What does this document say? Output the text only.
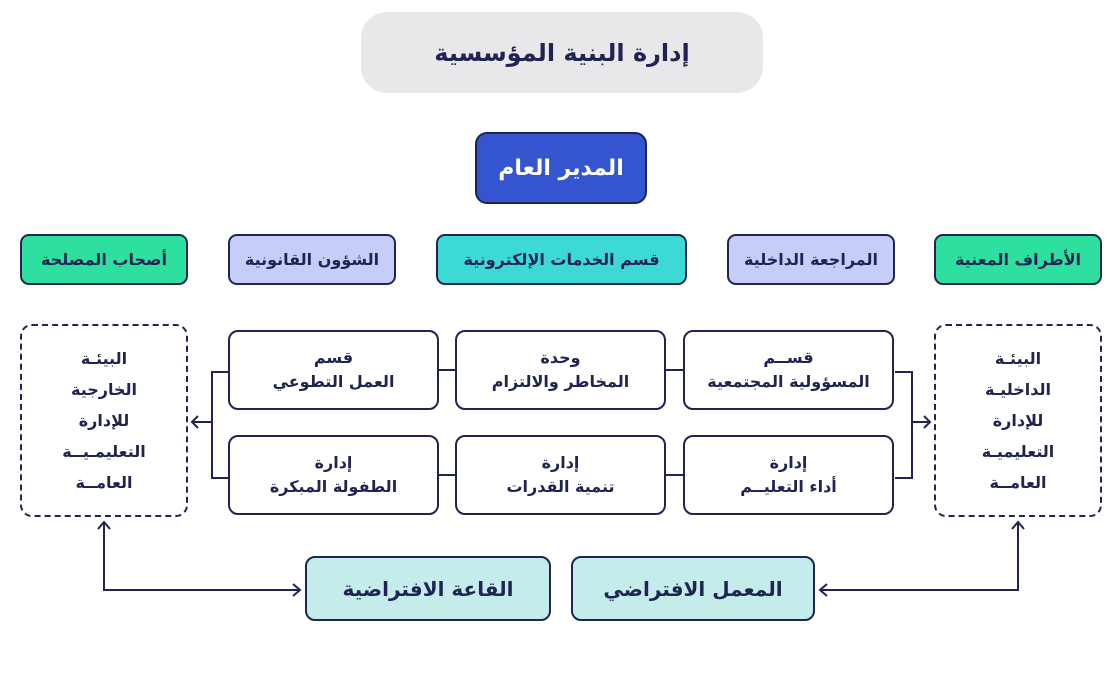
إدارة البنية المؤسسية
المدير العام
الأطراف المعنية
المراجعة الداخلية
قسم الخدمات الإلكترونية
الشؤون القانونية
أصحاب المصلحة
قســم
المسؤولية المجتمعية
وحدة
المخاطر والالتزام
قسم
العمل التطوعي
إدارة
أداء التعليــم
إدارة
تنمية القدرات
إدارة
الطفولة المبكرة
البيئـة
الداخليـة
للإدارة
التعليميـة
العامــة
البيئـة
الخارجية
للإدارة
التعليمـيــة
العامــة
المعمل الافتراضي
القاعة الافتراضية
